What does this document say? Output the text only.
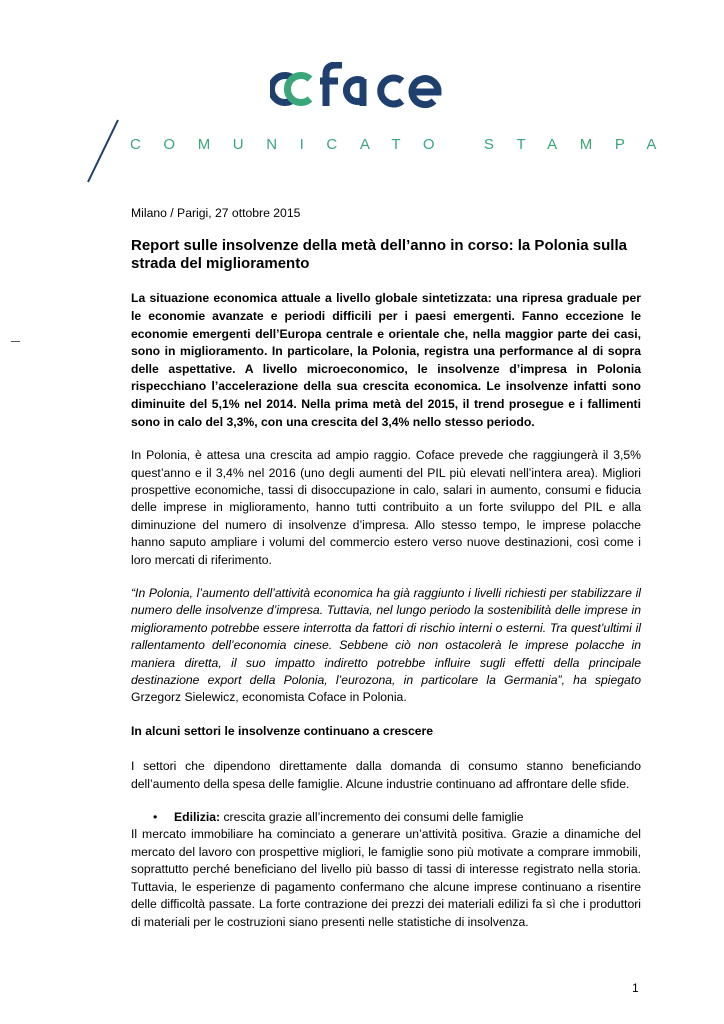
COMUNICATO STAMPA

Milano / Parigi, 27 ottobre 2015

Report sulle insolvenze della metà dell’anno in corso: la Polonia sulla strada del miglioramento

La situazione economica attuale a livello globale sintetizzata: una ripresa graduale per le economie avanzate e periodi difficili per i paesi emergenti. Fanno eccezione le economie emergenti dell’Europa centrale e orientale che, nella maggior parte dei casi, sono in miglioramento. In particolare, la Polonia, registra una performance al di sopra delle aspettative. A livello microeconomico, le insolvenze d’impresa in Polonia rispecchiano l’accelerazione della sua crescita economica. Le insolvenze infatti sono diminuite del 5,1% nel 2014. Nella prima metà del 2015, il trend prosegue e i fallimenti sono in calo del 3,3%, con una crescita del 3,4% nello stesso periodo.

In Polonia, è attesa una crescita ad ampio raggio. Coface prevede che raggiungerà il 3,5% quest’anno e il 3,4% nel 2016 (uno degli aumenti del PIL più elevati nell’intera area). Migliori prospettive economiche, tassi di disoccupazione in calo, salari in aumento, consumi e fiducia delle imprese in miglioramento, hanno tutti contribuito a un forte sviluppo del PIL e alla diminuzione del numero di insolvenze d’impresa. Allo stesso tempo, le imprese polacche hanno saputo ampliare i volumi del commercio estero verso nuove destinazioni, così come i loro mercati di riferimento.

“In Polonia, l’aumento dell’attività economica ha già raggiunto i livelli richiesti per stabilizzare il numero delle insolvenze d’impresa. Tuttavia, nel lungo periodo la sostenibilità delle imprese in miglioramento potrebbe essere interrotta da fattori di rischio interni o esterni. Tra quest’ultimi il rallentamento dell’economia cinese. Sebbene ciò non ostacolerà le imprese polacche in maniera diretta, il suo impatto indiretto potrebbe influire sugli effetti della principale destinazione export della Polonia, l’eurozona, in particolare la Germania”, ha spiegato Grzegorz Sielewicz, economista Coface in Polonia.

In alcuni settori le insolvenze continuano a crescere

I settori che dipendono direttamente dalla domanda di consumo stanno beneficiando dell’aumento della spesa delle famiglie. Alcune industrie continuano ad affrontare delle sfide.

• Edilizia: crescita grazie all’incremento dei consumi delle famiglie

Il mercato immobiliare ha cominciato a generare un’attività positiva. Grazie a dinamiche del mercato del lavoro con prospettive migliori, le famiglie sono più motivate a comprare immobili, soprattutto perché beneficiano del livello più basso di tassi di interesse registrato nella storia. Tuttavia, le esperienze di pagamento confermano che alcune imprese continuano a risentire delle difficoltà passate. La forte contrazione dei prezzi dei materiali edilizi fa sì che i produttori di materiali per le costruzioni siano presenti nelle statistiche di insolvenza.

1
